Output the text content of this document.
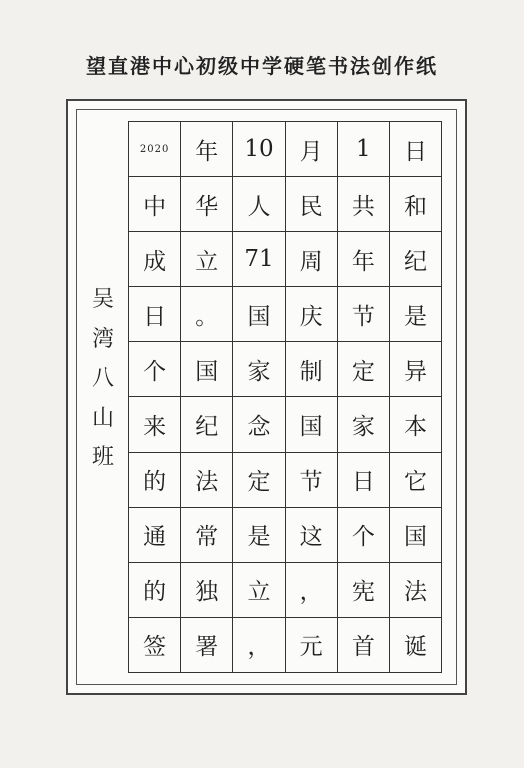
望直港中心初级中学硬笔书法创作纸
吴
湾
八
山
班
2020	年	10	月	1	日
中	华	人	民	共	和
成	立	71	周	年	纪
日	。	国	庆	节	是
个	国	家	制	定	异
来	纪	念	国	家	本
的	法	定	节	日	它
通	常	是	这	个	国
的	独	立	，	宪	法
签	署	，	元	首	诞
